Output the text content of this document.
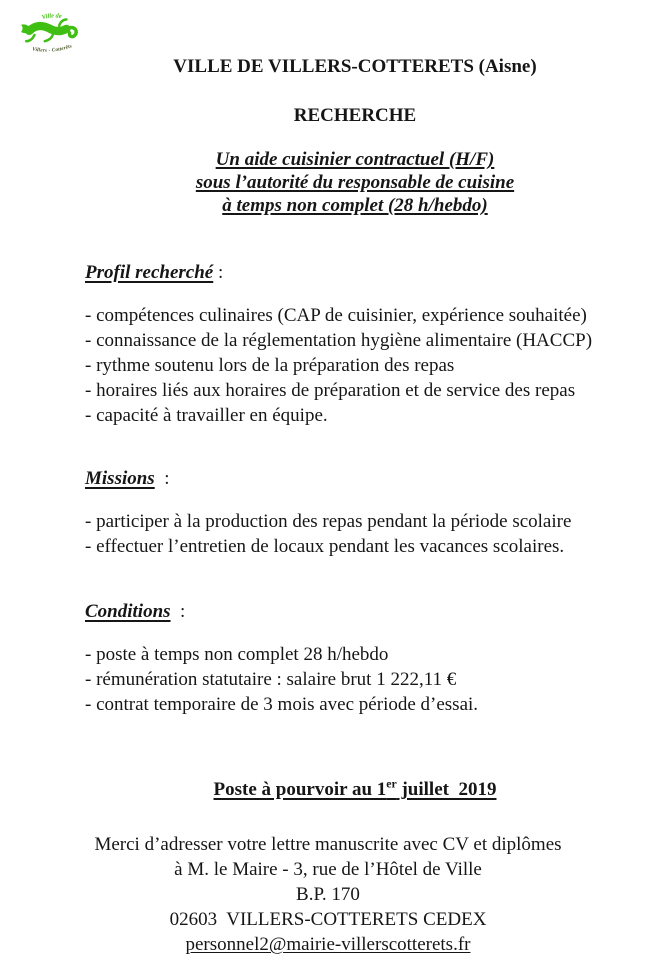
Ville de
Villers - Cotterêts
VILLE DE VILLERS-COTTERETS (Aisne)
RECHERCHE
Un aide cuisinier contractuel (H/F)
sous l’autorité du responsable de cuisine
à temps non complet (28 h/hebdo)
Profil recherché :
- compétences culinaires (CAP de cuisinier, expérience souhaitée)
- connaissance de la réglementation hygiène alimentaire (HACCP)
- rythme soutenu lors de la préparation des repas
- horaires liés aux horaires de préparation et de service des repas
- capacité à travailler en équipe.
Missions  :
- participer à la production des repas pendant la période scolaire
- effectuer l’entretien de locaux pendant les vacances scolaires.
Conditions  :
- poste à temps non complet 28 h/hebdo
- rémunération statutaire : salaire brut 1 222,11 €
- contrat temporaire de 3 mois avec période d’essai.
Poste à pourvoir au 1er juillet  2019
Merci d’adresser votre lettre manuscrite avec CV et diplômes
à M. le Maire - 3, rue de l’Hôtel de Ville
B.P. 170
02603  VILLERS-COTTERETS CEDEX
personnel2@mairie-villerscotterets.fr
